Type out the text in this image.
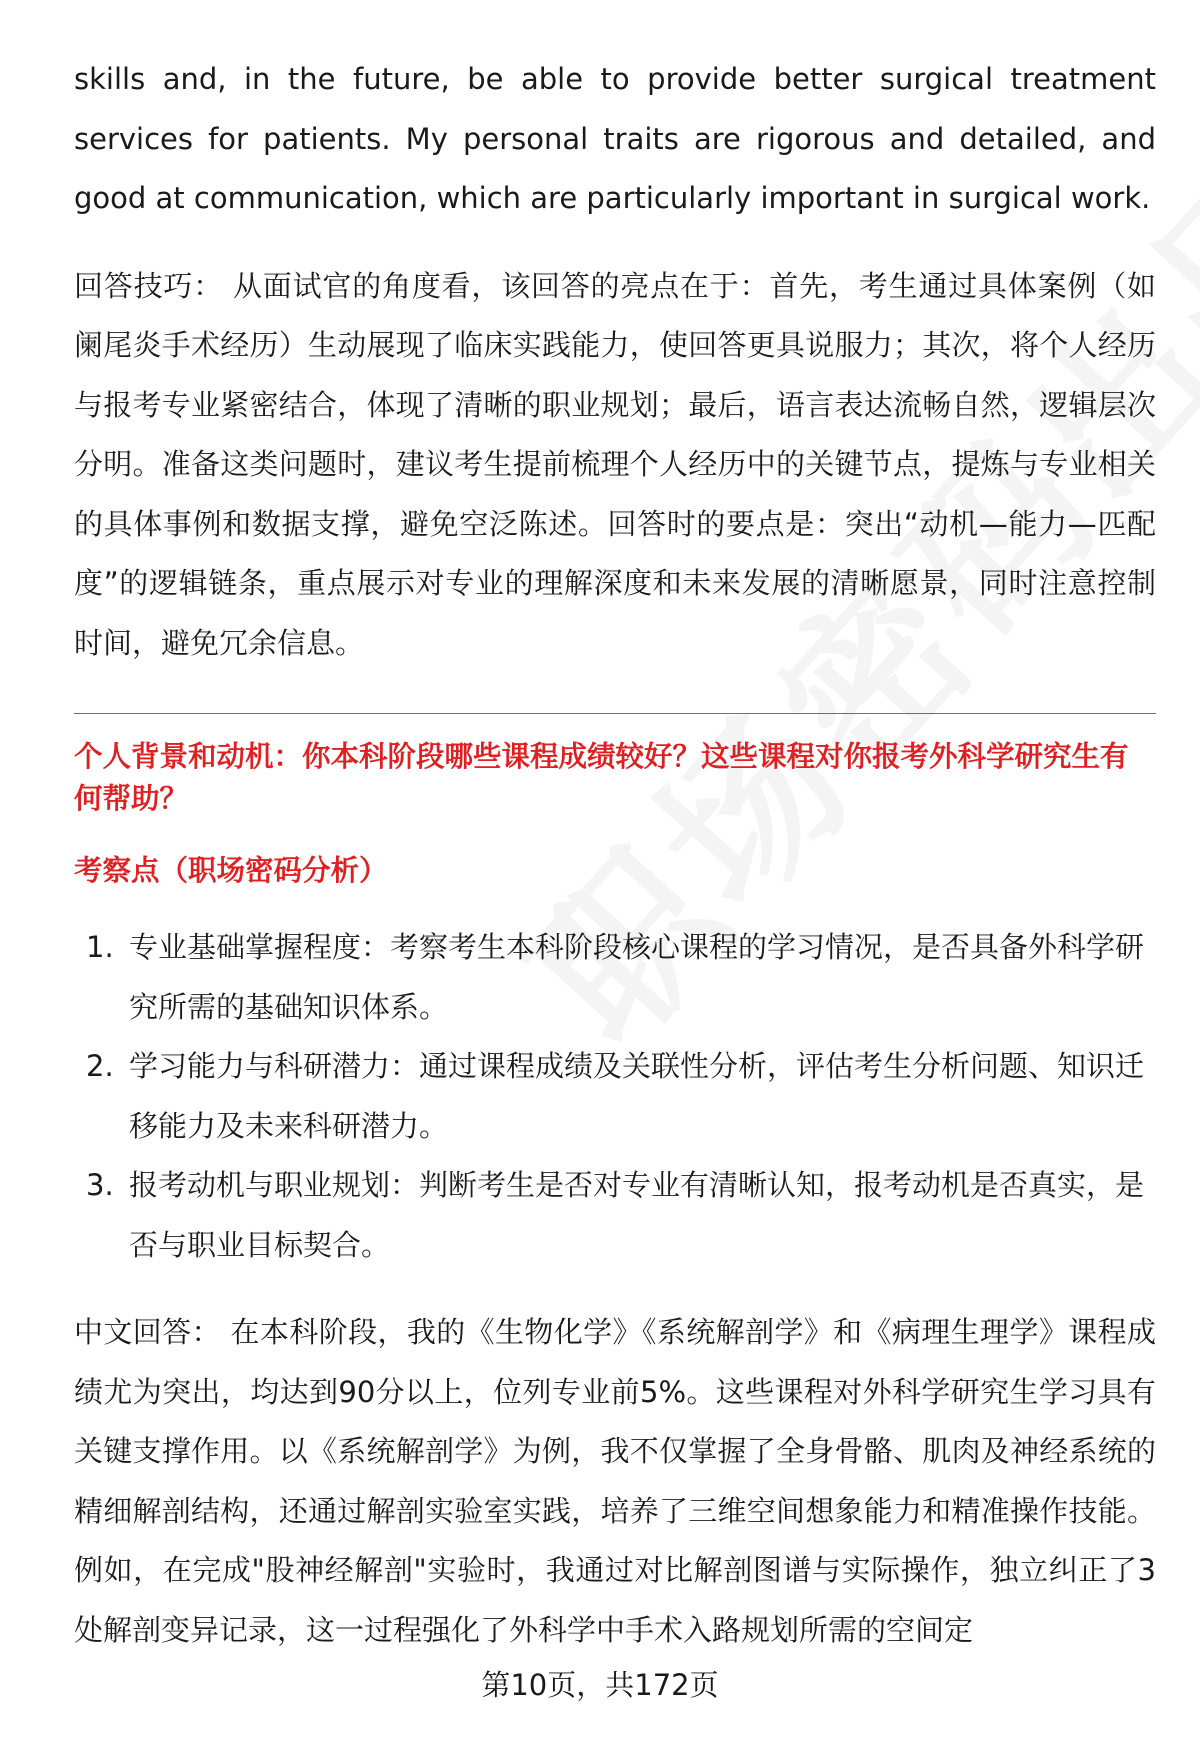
skills and, in the future, be able to provide better surgical treatment services for patients. My personal traits are rigorous and detailed, and good at communication, which are particularly important in surgical work.

回答技巧： 从面试官的角度看，该回答的亮点在于：首先，考生通过具体案例（如阑尾炎手术经历）生动展现了临床实践能力，使回答更具说服力；其次，将个人经历与报考专业紧密结合，体现了清晰的职业规划；最后，语言表达流畅自然，逻辑层次分明。准备这类问题时，建议考生提前梳理个人经历中的关键节点，提炼与专业相关的具体事例和数据支撑，避免空泛陈述。回答时的要点是：突出“动机—能力—匹配度”的逻辑链条，重点展示对专业的理解深度和未来发展的清晰愿景，同时注意控制时间，避免冗余信息。

个人背景和动机：你本科阶段哪些课程成绩较好？这些课程对你报考外科学研究生有何帮助？

考察点（职场密码分析）

1. 专业基础掌握程度：考察考生本科阶段核心课程的学习情况，是否具备外科学研究所需的基础知识体系。
2. 学习能力与科研潜力：通过课程成绩及关联性分析，评估考生分析问题、知识迁移能力及未来科研潜力。
3. 报考动机与职业规划：判断考生是否对专业有清晰认知，报考动机是否真实，是否与职业目标契合。

中文回答： 在本科阶段，我的《生物化学》《系统解剖学》和《病理生理学》课程成绩尤为突出，均达到90分以上，位列专业前5%。这些课程对外科学研究生学习具有关键支撑作用。以《系统解剖学》为例，我不仅掌握了全身骨骼、肌肉及神经系统的精细解剖结构，还通过解剖实验室实践，培养了三维空间想象能力和精准操作技能。例如，在完成"股神经解剖"实验时，我通过对比解剖图谱与实际操作，独立纠正了3处解剖变异记录，这一过程强化了外科学中手术入路规划所需的空间定

第10页，共172页
